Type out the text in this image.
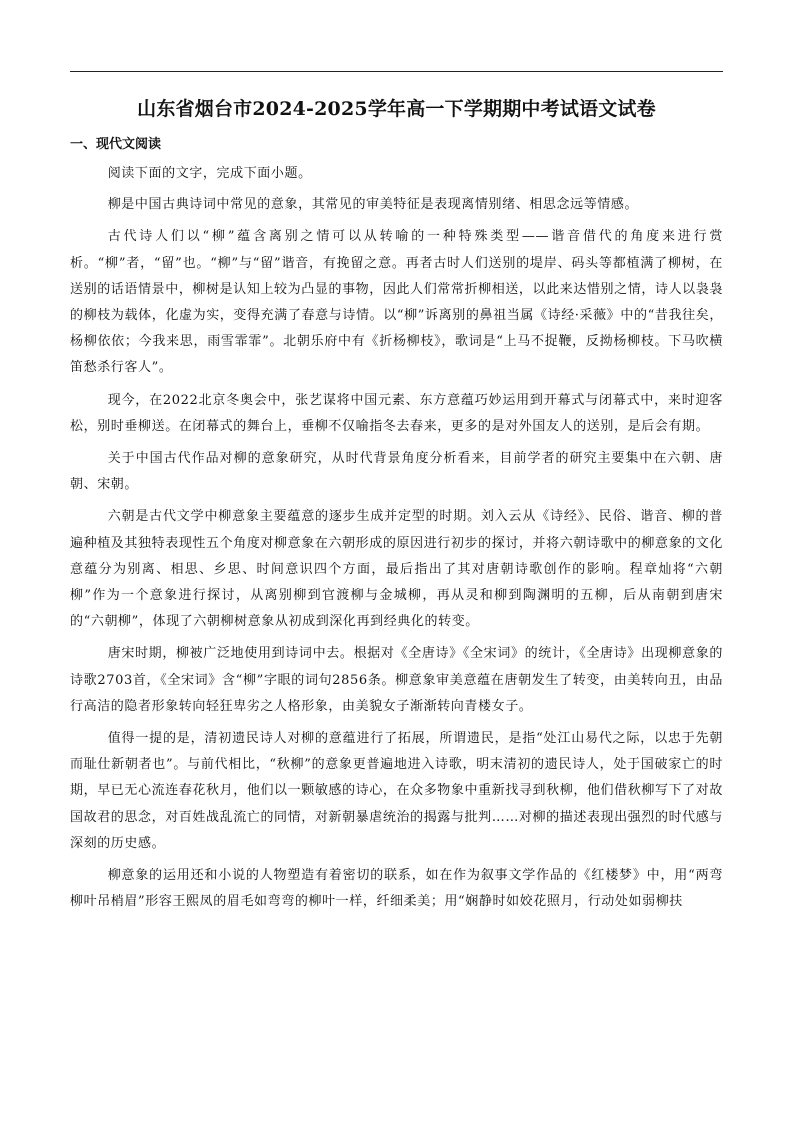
山东省烟台市2024-2025学年高一下学期期中考试语文试卷
一、现代文阅读

阅读下面的文字，完成下面小题。

柳是中国古典诗词中常见的意象，其常见的审美特征是表现离情别绪、相思念远等情感。

古代诗人们以“柳”蕴含离别之情可以从转喻的一种特殊类型——谐音借代的角度来进行赏析。“柳”者，“留”也。“柳”与“留”谐音，有挽留之意。再者古时人们送别的堤岸、码头等都植满了柳树，在送别的话语情景中，柳树是认知上较为凸显的事物，因此人们常常折柳相送，以此来达惜别之情，诗人以袅袅的柳枝为载体，化虚为实，变得充满了春意与诗情。以“柳”诉离别的鼻祖当属《诗经·采薇》中的“昔我往矣，杨柳依依；今我来思，雨雪霏霏”。北朝乐府中有《折杨柳枝》，歌词是“上马不捉鞭，反拗杨柳枝。下马吹横笛愁杀行客人”。

现今，在2022北京冬奥会中，张艺谋将中国元素、东方意蕴巧妙运用到开幕式与闭幕式中，来时迎客松，别时垂柳送。在闭幕式的舞台上，垂柳不仅喻指冬去春来，更多的是对外国友人的送别，是后会有期。

关于中国古代作品对柳的意象研究，从时代背景角度分析看来，目前学者的研究主要集中在六朝、唐朝、宋朝。

六朝是古代文学中柳意象主要蕴意的逐步生成并定型的时期。刘入云从《诗经》、民俗、谐音、柳的普遍种植及其独特表现性五个角度对柳意象在六朝形成的原因进行初步的探讨，并将六朝诗歌中的柳意象的文化意蕴分为别离、相思、乡思、时间意识四个方面，最后指出了其对唐朝诗歌创作的影响。程章灿将“六朝柳”作为一个意象进行探讨，从离别柳到官渡柳与金城柳，再从灵和柳到陶渊明的五柳，后从南朝到唐宋的“六朝柳”，体现了六朝柳树意象从初成到深化再到经典化的转变。

唐宋时期，柳被广泛地使用到诗词中去。根据对《全唐诗》《全宋词》的统计，《全唐诗》出现柳意象的诗歌2703首，《全宋词》含“柳”字眼的词句2856条。柳意象审美意蕴在唐朝发生了转变，由美转向丑，由品行高洁的隐者形象转向轻狂卑劣之人格形象，由美貌女子渐渐转向青楼女子。

值得一提的是，清初遗民诗人对柳的意蕴进行了拓展，所谓遗民，是指“处江山易代之际，以忠于先朝而耻仕新朝者也”。与前代相比，“秋柳”的意象更普遍地进入诗歌，明末清初的遗民诗人，处于国破家亡的时期，早已无心流连春花秋月，他们以一颗敏感的诗心，在众多物象中重新找寻到秋柳，他们借秋柳写下了对故国故君的思念，对百姓战乱流亡的同情，对新朝暴虐统治的揭露与批判……对柳的描述表现出强烈的时代感与深刻的历史感。

柳意象的运用还和小说的人物塑造有着密切的联系，如在作为叙事文学作品的《红楼梦》中，用“两弯柳叶吊梢眉”形容王熙凤的眉毛如弯弯的柳叶一样，纤细柔美；用“娴静时如姣花照月，行动处如弱柳扶
